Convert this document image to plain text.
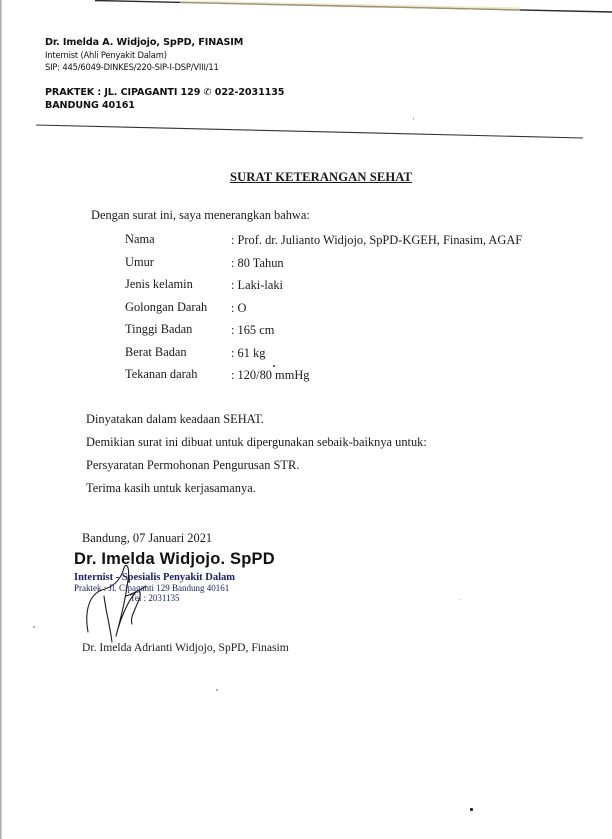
Dr. Imelda A. Widjojo, SpPD, FINASIM
Internist (Ahli Penyakit Dalam)
SIP: 445/6049-DINKES/220-SIP-I-DSP/VIII/11
PRAKTEK : JL. CIPAGANTI 129 ✆ 022-2031135
BANDUNG 40161
SURAT KETERANGAN SEHAT
Dengan surat ini, saya menerangkan bahwa:
Nama	: Prof. dr. Julianto Widjojo, SpPD-KGEH, Finasim, AGAF
Umur	: 80 Tahun
Jenis kelamin	: Laki-laki
Golongan Darah : O
Tinggi Badan	: 165 cm
Berat Badan	: 61 kg
Tekanan darah	: 120/80 mmHg
Dinyatakan dalam keadaan SEHAT.
Demikian surat ini dibuat untuk dipergunakan sebaik-baiknya untuk:
Persyaratan Permohonan Pengurusan STR.
Terima kasih untuk kerjasamanya.
Bandung, 07 Januari 2021
Dr. Imelda Widjojo. SpPD
Internist - Spesialis Penyakit Dalam
Praktek : Jl. Cipaganti 129 Bandung 40161
Tel : 2031135
Dr. Imelda Adrianti Widjojo, SpPD, Finasim
